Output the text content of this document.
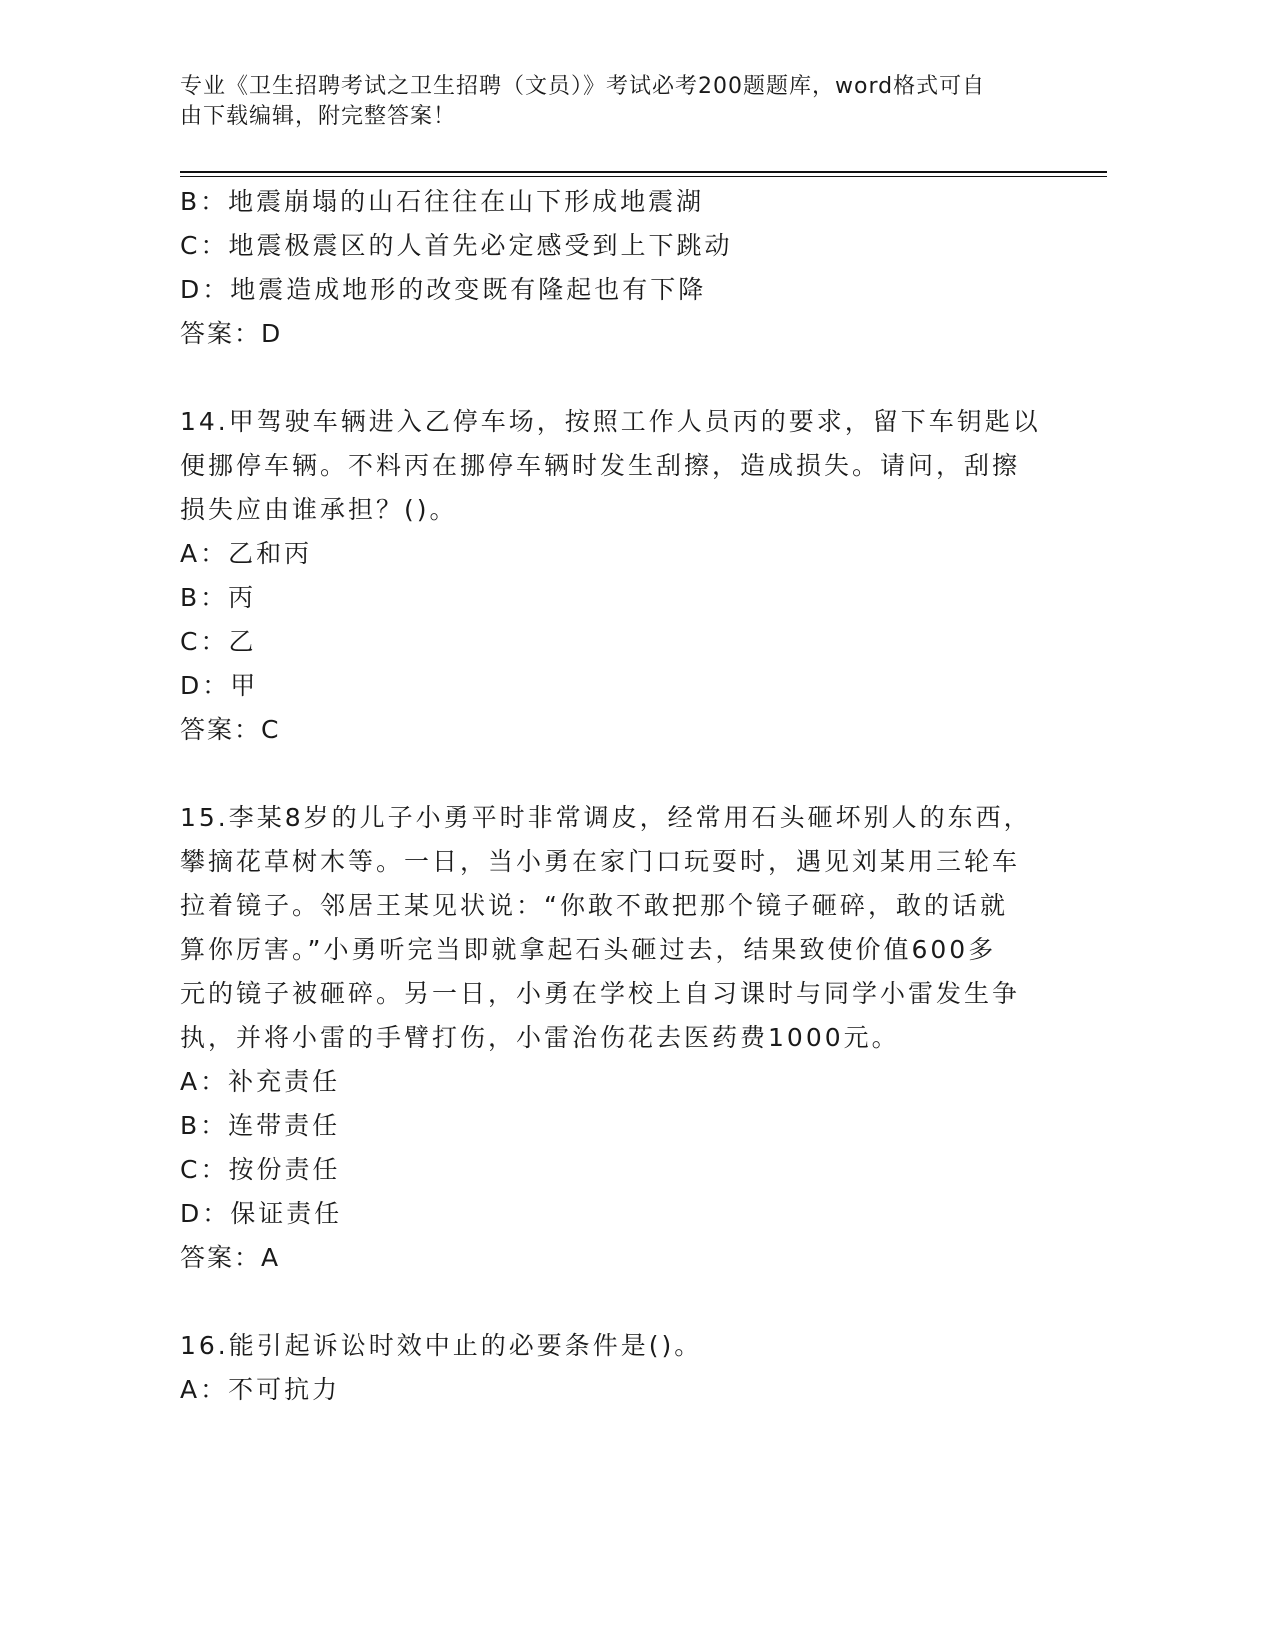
专业《卫生招聘考试之卫生招聘（文员）》考试必考200题题库，word格式可自
由下载编辑，附完整答案！
B：地震崩塌的山石往往在山下形成地震湖
C：地震极震区的人首先必定感受到上下跳动
D：地震造成地形的改变既有隆起也有下降
答案：D
14.甲驾驶车辆进入乙停车场，按照工作人员丙的要求，留下车钥匙以
便挪停车辆。不料丙在挪停车辆时发生刮擦，造成损失。请问，刮擦
损失应由谁承担？()。
A：乙和丙
B：丙
C：乙
D：甲
答案：C
15.李某8岁的儿子小勇平时非常调皮，经常用石头砸坏别人的东西，
攀摘花草树木等。一日，当小勇在家门口玩耍时，遇见刘某用三轮车
拉着镜子。邻居王某见状说：“你敢不敢把那个镜子砸碎，敢的话就
算你厉害。”小勇听完当即就拿起石头砸过去，结果致使价值600多
元的镜子被砸碎。另一日，小勇在学校上自习课时与同学小雷发生争
执，并将小雷的手臂打伤，小雷治伤花去医药费1000元。
A：补充责任
B：连带责任
C：按份责任
D：保证责任
答案：A
16.能引起诉讼时效中止的必要条件是()。
A：不可抗力
